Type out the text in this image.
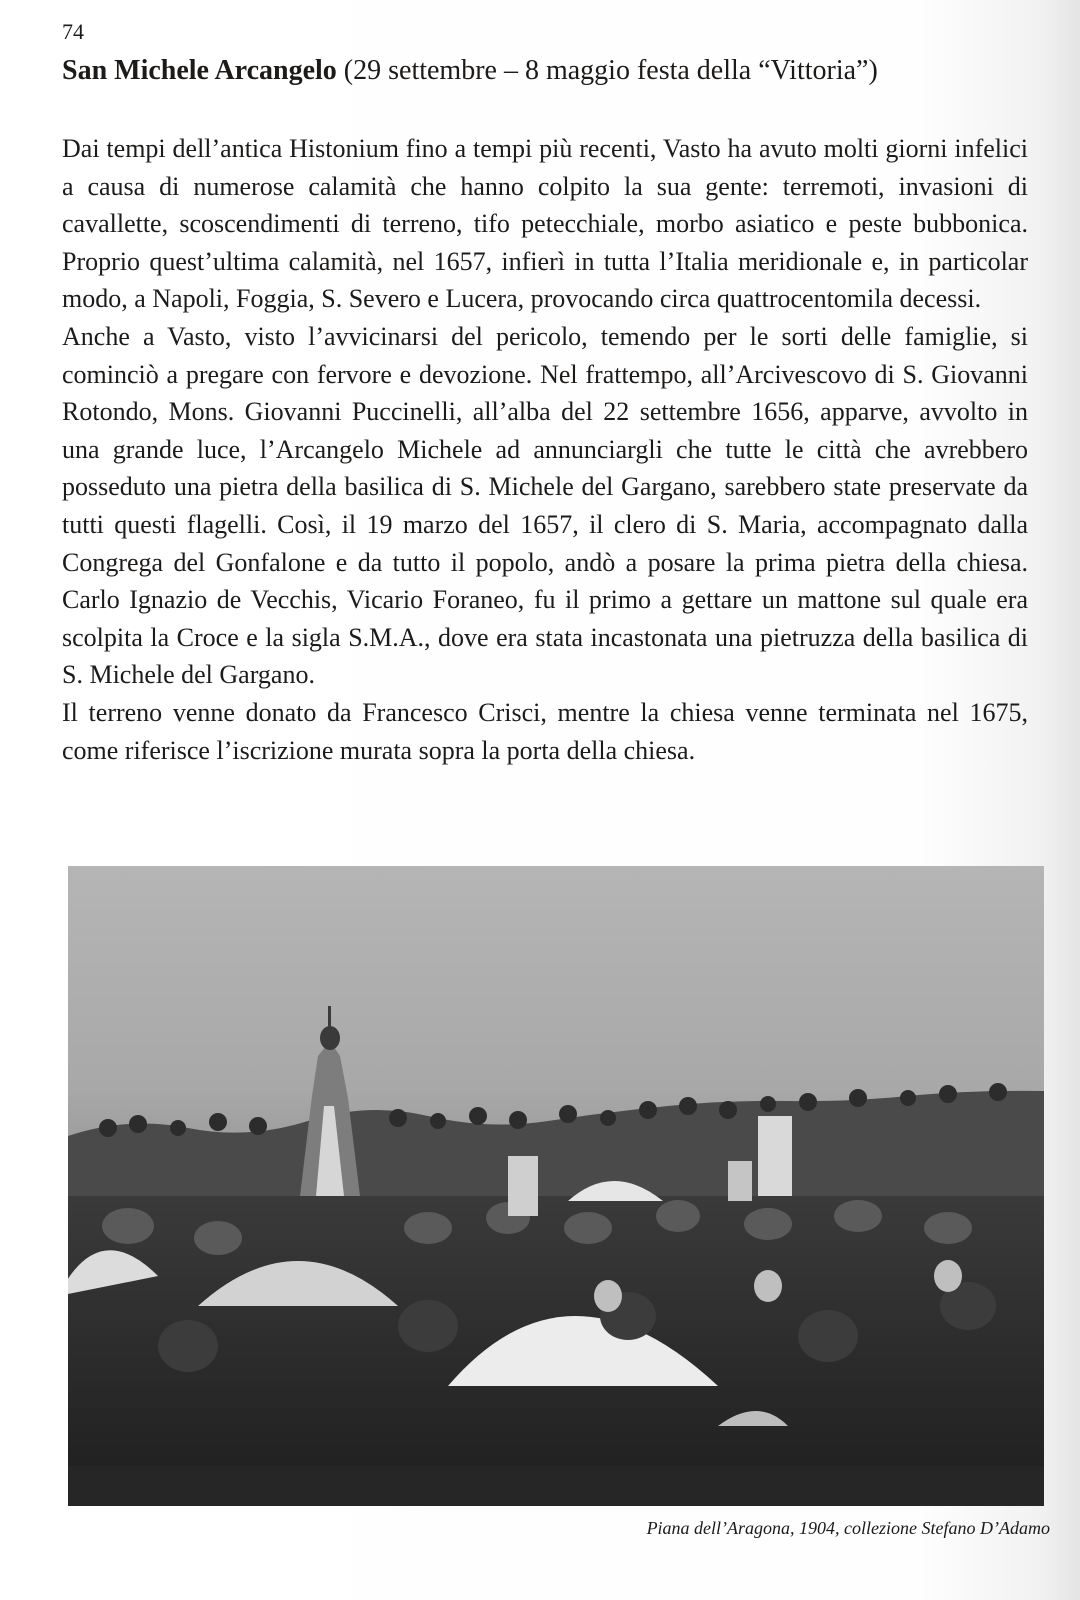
74
San Michele Arcangelo (29 settembre – 8 maggio festa della “Vittoria”)

Dai tempi dell’antica Histonium fino a tempi più recenti, Vasto ha avuto molti giorni infelici a causa di numerose calamità che hanno colpito la sua gente: terremoti, invasioni di cavallette, scoscendimenti di terreno, tifo petecchiale, morbo asiatico e peste bubbonica. Proprio quest’ultima calamità, nel 1657, infierì in tutta l’Italia meridionale e, in particolar modo, a Napoli, Foggia, S. Severo e Lucera, provocando circa quattrocentomila decessi.

Anche a Vasto, visto l’avvicinarsi del pericolo, temendo per le sorti delle famiglie, si cominciò a pregare con fervore e devozione. Nel frattempo, all’Arcivescovo di S. Giovanni Rotondo, Mons. Giovanni Puccinelli, all’alba del 22 settembre 1656, apparve, avvolto in una grande luce, l’Arcangelo Michele ad annunciargli che tutte le città che avrebbero posseduto una pietra della basilica di S. Michele del Gargano, sarebbero state preservate da tutti questi flagelli. Così, il 19 marzo del 1657, il clero di S. Maria, accompagnato dalla Congrega del Gonfalone e da tutto il popolo, andò a posare la prima pietra della chiesa. Carlo Ignazio de Vecchis, Vicario Foraneo, fu il primo a gettare un mattone sul quale era scolpita la Croce e la sigla S.M.A., dove era stata incastonata una pietruzza della basilica di S. Michele del Gargano.

Il terreno venne donato da Francesco Crisci, mentre la chiesa venne terminata nel 1675, come riferisce l’iscrizione murata sopra la porta della chiesa.

Piana dell’Aragona, 1904, collezione Stefano D’Adamo
